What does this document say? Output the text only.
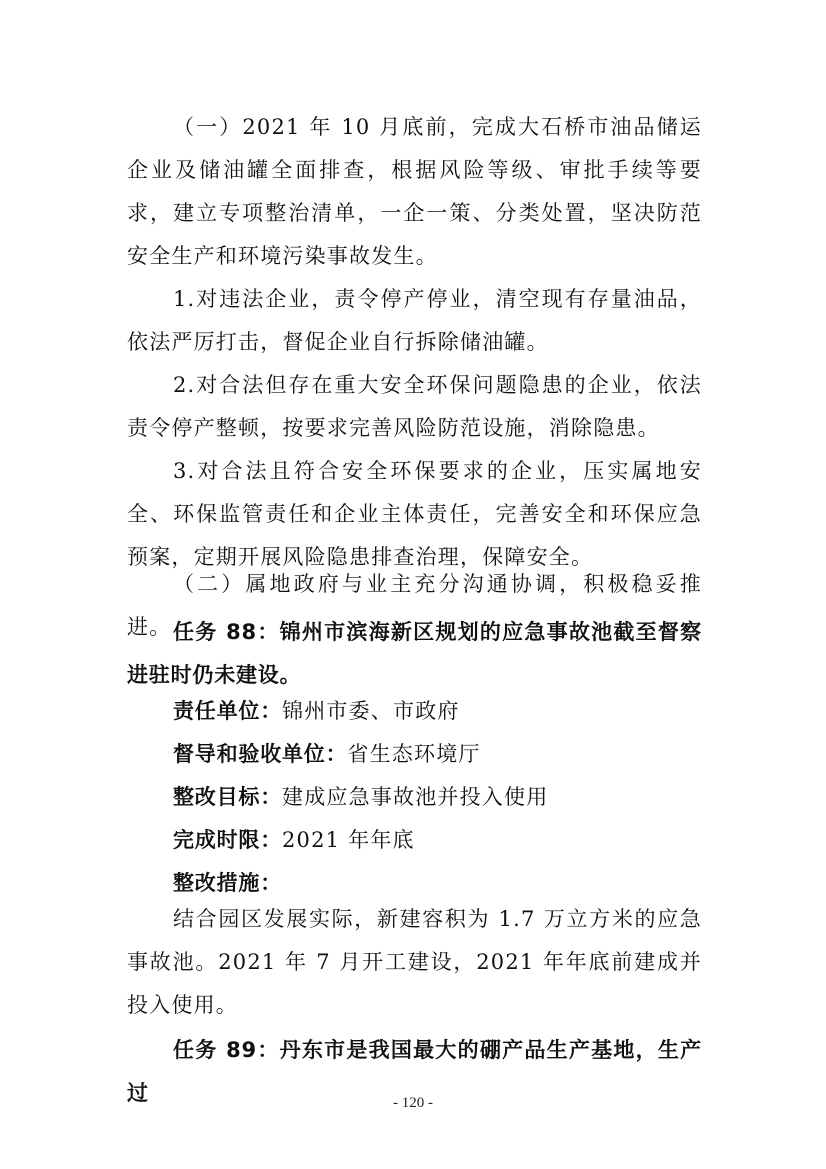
（一）2021 年 10 月底前，完成大石桥市油品储运企业及储油罐全面排查，根据风险等级、审批手续等要求，建立专项整治清单，一企一策、分类处置，坚决防范安全生产和环境污染事故发生。

1.对违法企业，责令停产停业，清空现有存量油品，依法严厉打击，督促企业自行拆除储油罐。

2.对合法但存在重大安全环保问题隐患的企业，依法责令停产整顿，按要求完善风险防范设施，消除隐患。

3.对合法且符合安全环保要求的企业，压实属地安全、环保监管责任和企业主体责任，完善安全和环保应急预案，定期开展风险隐患排查治理，保障安全。

（二）属地政府与业主充分沟通协调，积极稳妥推进。 任务 88：锦州市滨海新区规划的应急事故池截至督察进驻时仍未建设。

责任单位：锦州市委、市政府

督导和验收单位：省生态环境厅

整改目标：建成应急事故池并投入使用

完成时限：2021 年年底

整改措施：

结合园区发展实际，新建容积为 1.7 万立方米的应急事故池。2021 年 7 月开工建设，2021 年年底前建成并投入使用。

任务 89：丹东市是我国最大的硼产品生产基地，生产过	- 120 -
